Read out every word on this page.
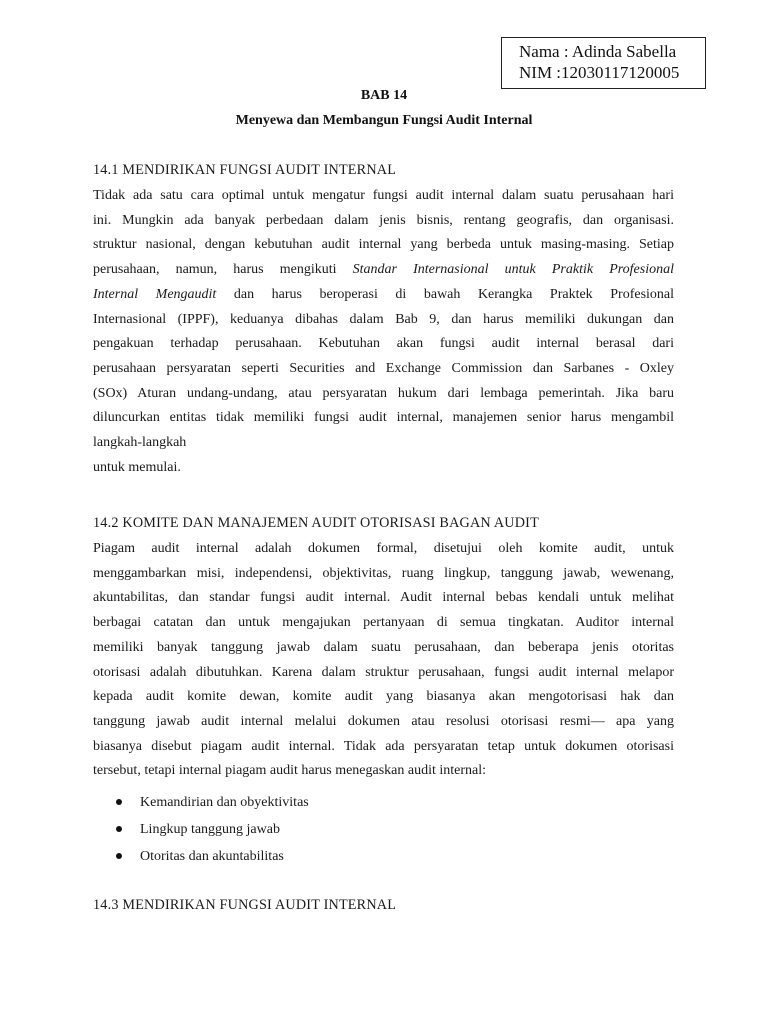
Nama : Adinda Sabella
NIM :12030117120005
BAB 14
Menyewa dan Membangun Fungsi Audit Internal
14.1 MENDIRIKAN FUNGSI AUDIT INTERNAL
Tidak ada satu cara optimal untuk mengatur fungsi audit internal dalam suatu perusahaan hari
ini. Mungkin ada banyak perbedaan dalam jenis bisnis, rentang geografis, dan organisasi.
struktur nasional, dengan kebutuhan audit internal yang berbeda untuk masing-masing. Setiap
perusahaan, namun, harus mengikuti Standar Internasional untuk Praktik Profesional
Internal Mengaudit dan harus beroperasi di bawah Kerangka Praktek Profesional
Internasional (IPPF), keduanya dibahas dalam Bab 9, dan harus memiliki dukungan dan
pengakuan terhadap perusahaan. Kebutuhan akan fungsi audit internal berasal dari
perusahaan persyaratan seperti Securities and Exchange Commission dan Sarbanes - Oxley
(SOx) Aturan undang-undang, atau persyaratan hukum dari lembaga pemerintah. Jika baru
diluncurkan entitas tidak memiliki fungsi audit internal, manajemen senior harus mengambil
langkah-langkah
untuk memulai.
14.2 KOMITE DAN MANAJEMEN AUDIT OTORISASI BAGAN AUDIT
Piagam audit internal adalah dokumen formal, disetujui oleh komite audit, untuk
menggambarkan misi, independensi, objektivitas, ruang lingkup, tanggung jawab, wewenang,
akuntabilitas, dan standar fungsi audit internal. Audit internal bebas kendali untuk melihat
berbagai catatan dan untuk mengajukan pertanyaan di semua tingkatan. Auditor internal
memiliki banyak tanggung jawab dalam suatu perusahaan, dan beberapa jenis otoritas
otorisasi adalah dibutuhkan. Karena dalam struktur perusahaan, fungsi audit internal melapor
kepada audit komite dewan, komite audit yang biasanya akan mengotorisasi hak dan
tanggung jawab audit internal melalui dokumen atau resolusi otorisasi resmi— apa yang
biasanya disebut piagam audit internal. Tidak ada persyaratan tetap untuk dokumen otorisasi
tersebut, tetapi internal piagam audit harus menegaskan audit internal:
Kemandirian dan obyektivitas
Lingkup tanggung jawab
Otoritas dan akuntabilitas
14.3 MENDIRIKAN FUNGSI AUDIT INTERNAL
